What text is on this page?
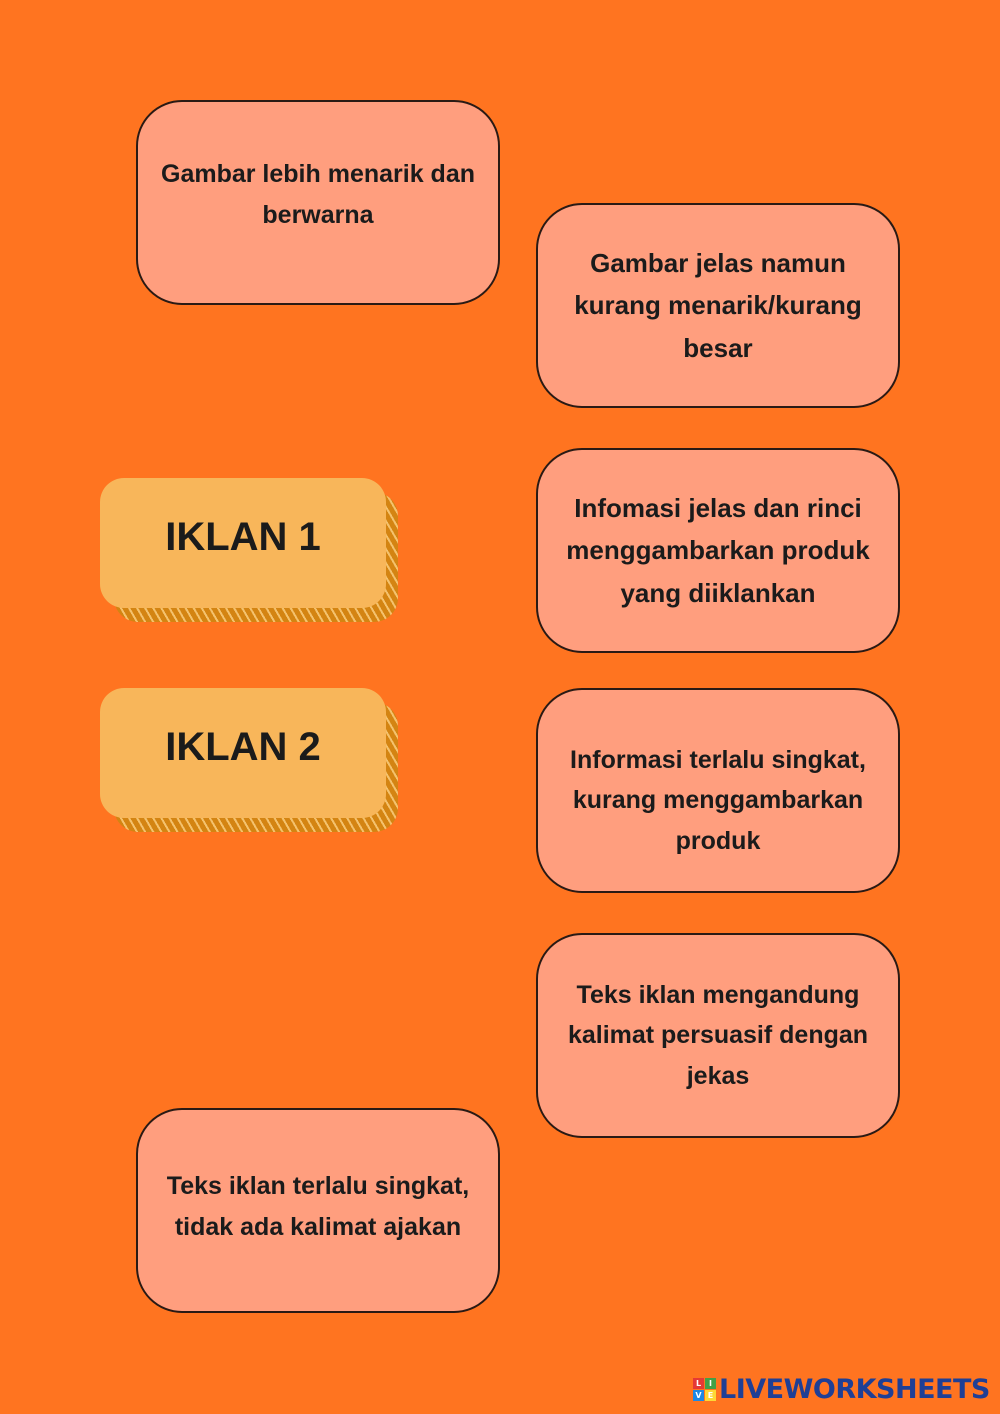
Gambar lebih menarik dan berwarna
Gambar jelas namun kurang menarik/kurang besar
Infomasi jelas dan rinci menggambarkan produk yang diiklankan
Informasi terlalu singkat, kurang menggambarkan produk
Teks iklan mengandung kalimat persuasif dengan jekas
Teks iklan terlalu singkat, tidak ada kalimat ajakan
IKLAN 1
IKLAN 2
L I
V E LIVEWORKSHEETS
